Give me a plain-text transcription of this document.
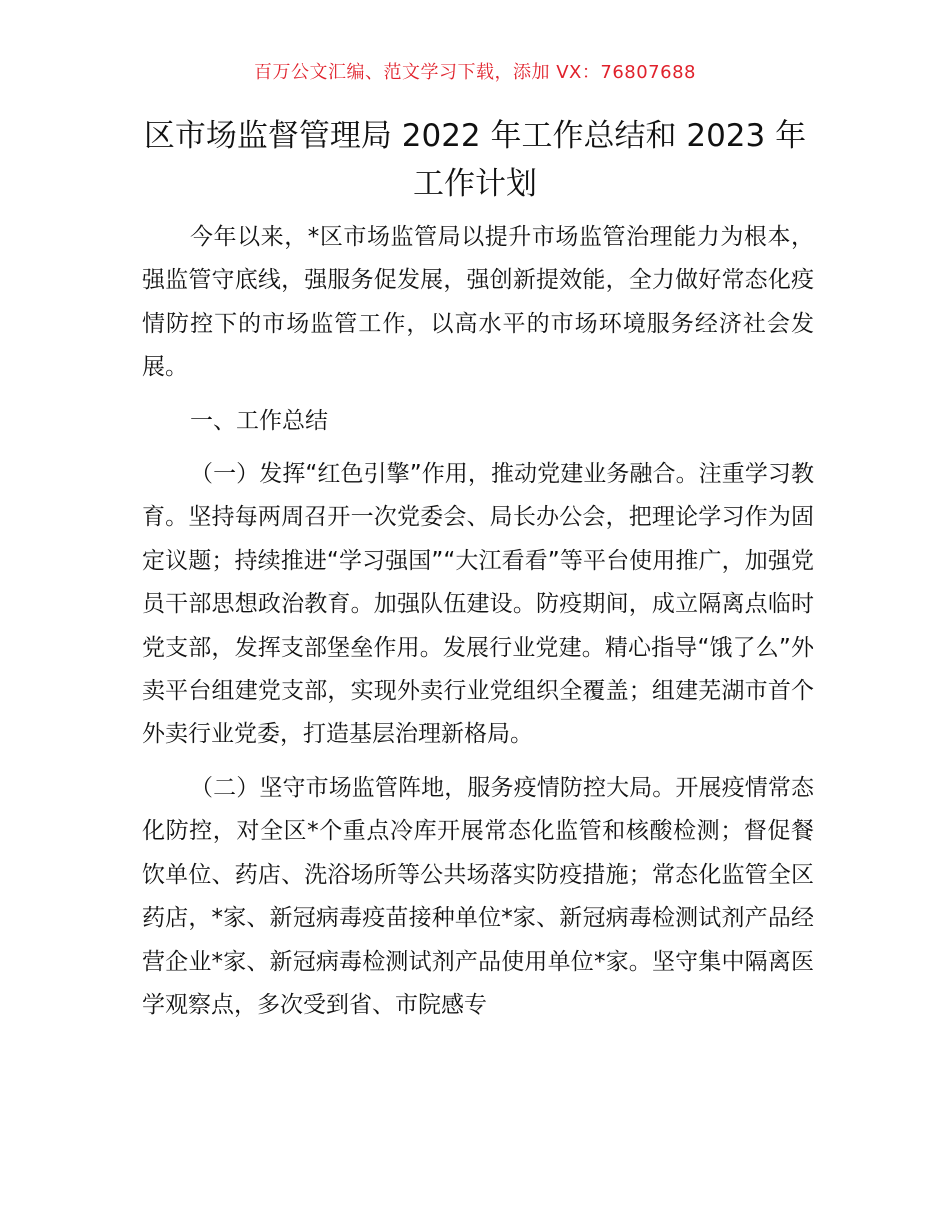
百万公文汇编、范文学习下载，添加 VX：76807688
区市场监督管理局 2022 年工作总结和 2023 年
工作计划

今年以来，*区市场监管局以提升市场监管治理能力为根本，强监管守底线，强服务促发展，强创新提效能，全力做好常态化疫情防控下的市场监管工作，以高水平的市场环境服务经济社会发展。

一、工作总结

（一）发挥“红色引擎”作用，推动党建业务融合。注重学习教育。坚持每两周召开一次党委会、局长办公会，把理论学习作为固定议题；持续推进“学习强国”“大江看看”等平台使用推广，加强党员干部思想政治教育。加强队伍建设。防疫期间，成立隔离点临时党支部，发挥支部堡垒作用。发展行业党建。精心指导“饿了么”外卖平台组建党支部，实现外卖行业党组织全覆盖；组建芜湖市首个外卖行业党委，打造基层治理新格局。

（二）坚守市场监管阵地，服务疫情防控大局。开展疫情常态化防控，对全区*个重点冷库开展常态化监管和核酸检测；督促餐饮单位、药店、洗浴场所等公共场落实防疫措施；常态化监管全区药店，*家、新冠病毒疫苗接种单位*家、新冠病毒检测试剂产品经营企业*家、新冠病毒检测试剂产品使用单位*家。坚守集中隔离医学观察点，多次受到省、市院感专
